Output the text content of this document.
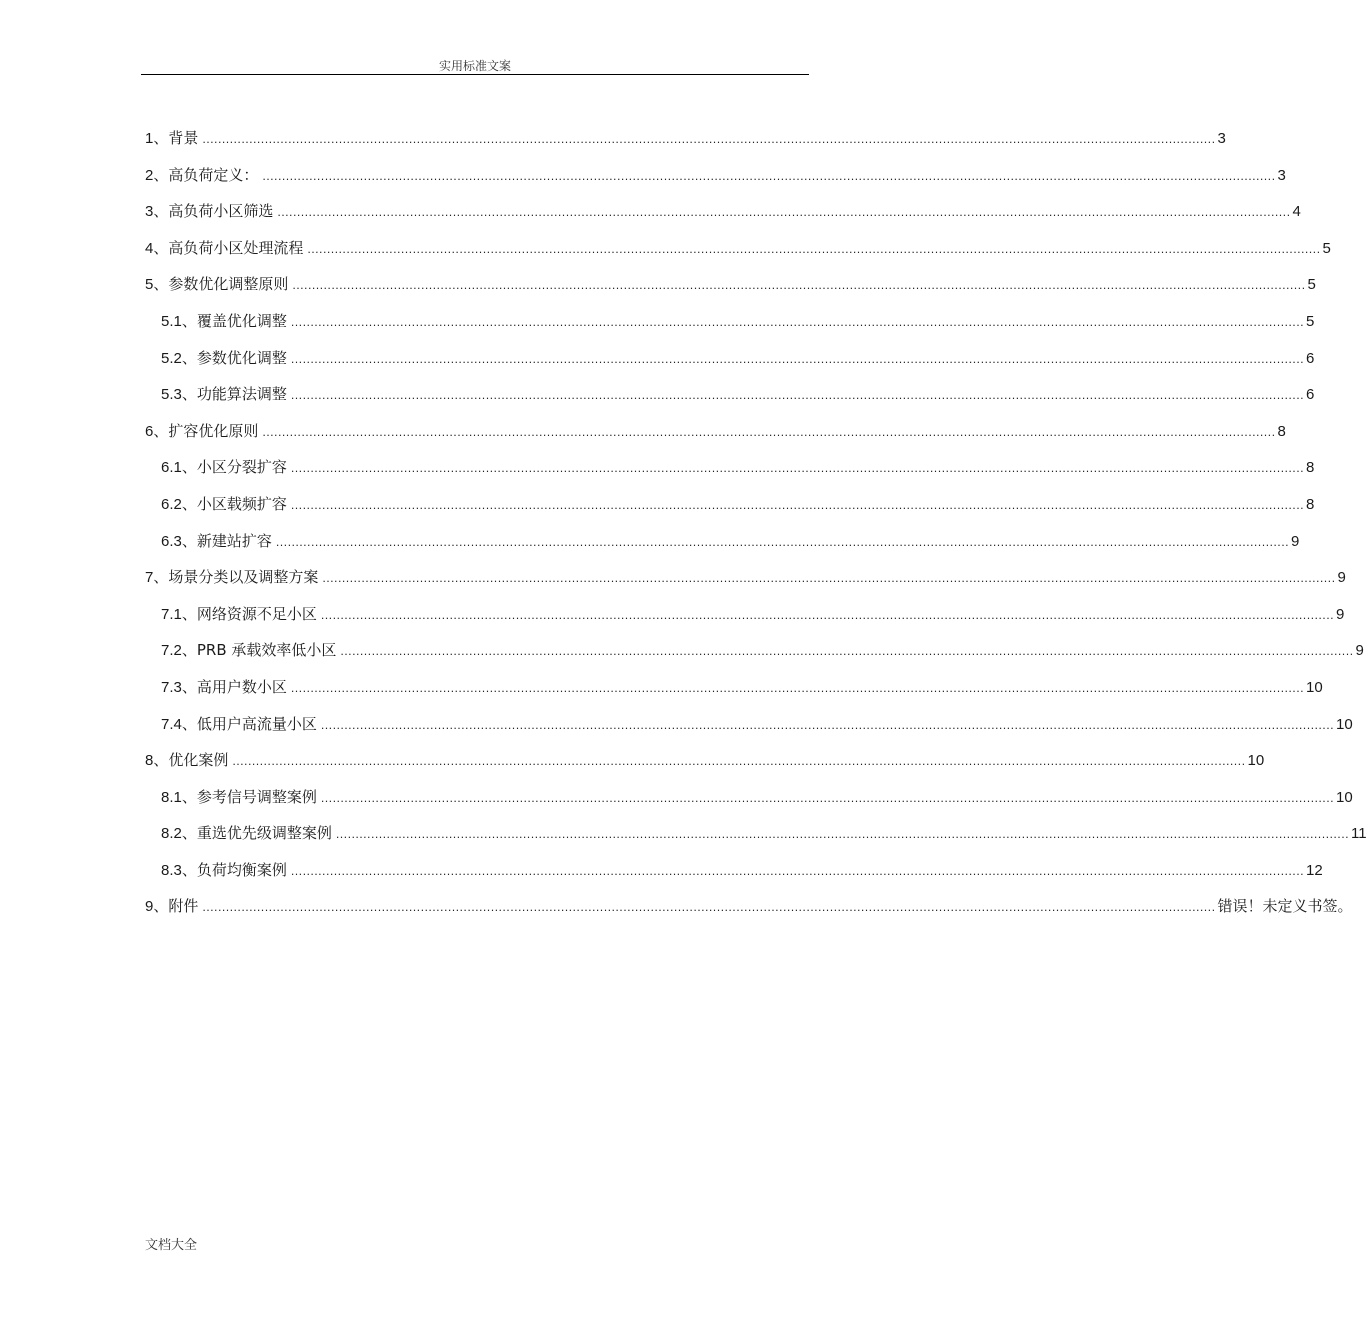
实用标准文案
1、 背景 .................................................................................................................................................................................................................................................................... 3
2、 高负荷定义： .................................................................................................................................................................................................................................................................... 3
3、 高负荷小区筛选 .................................................................................................................................................................................................................................................................... 4
4、 高负荷小区处理流程 .................................................................................................................................................................................................................................................................... 5
5、 参数优化调整原则 .................................................................................................................................................................................................................................................................... 5
5.1、 覆盖优化调整 .................................................................................................................................................................................................................................................................... 5
5.2、 参数优化调整 .................................................................................................................................................................................................................................................................... 6
5.3、 功能算法调整 .................................................................................................................................................................................................................................................................... 6
6、 扩容优化原则 .................................................................................................................................................................................................................................................................... 8
6.1、 小区分裂扩容 .................................................................................................................................................................................................................................................................... 8
6.2、 小区载频扩容 .................................................................................................................................................................................................................................................................... 8
6.3、 新建站扩容 .................................................................................................................................................................................................................................................................... 9
7、 场景分类以及调整方案 .................................................................................................................................................................................................................................................................... 9
7.1、 网络资源不足小区 .................................................................................................................................................................................................................................................................... 9
7.2、 PRB 承载效率低小区 .................................................................................................................................................................................................................................................................... 9
7.3、 高用户数小区 .................................................................................................................................................................................................................................................................... 10
7.4、 低用户高流量小区 .................................................................................................................................................................................................................................................................... 10
8、 优化案例 .................................................................................................................................................................................................................................................................... 10
8.1、 参考信号调整案例 .................................................................................................................................................................................................................................................................... 10
8.2、 重选优先级调整案例 .................................................................................................................................................................................................................................................................... 11
8.3、 负荷均衡案例 .................................................................................................................................................................................................................................................................... 12
9、 附件 .................................................................................................................................................................................................................................................................... 错误！未定义书签。
文档大全
